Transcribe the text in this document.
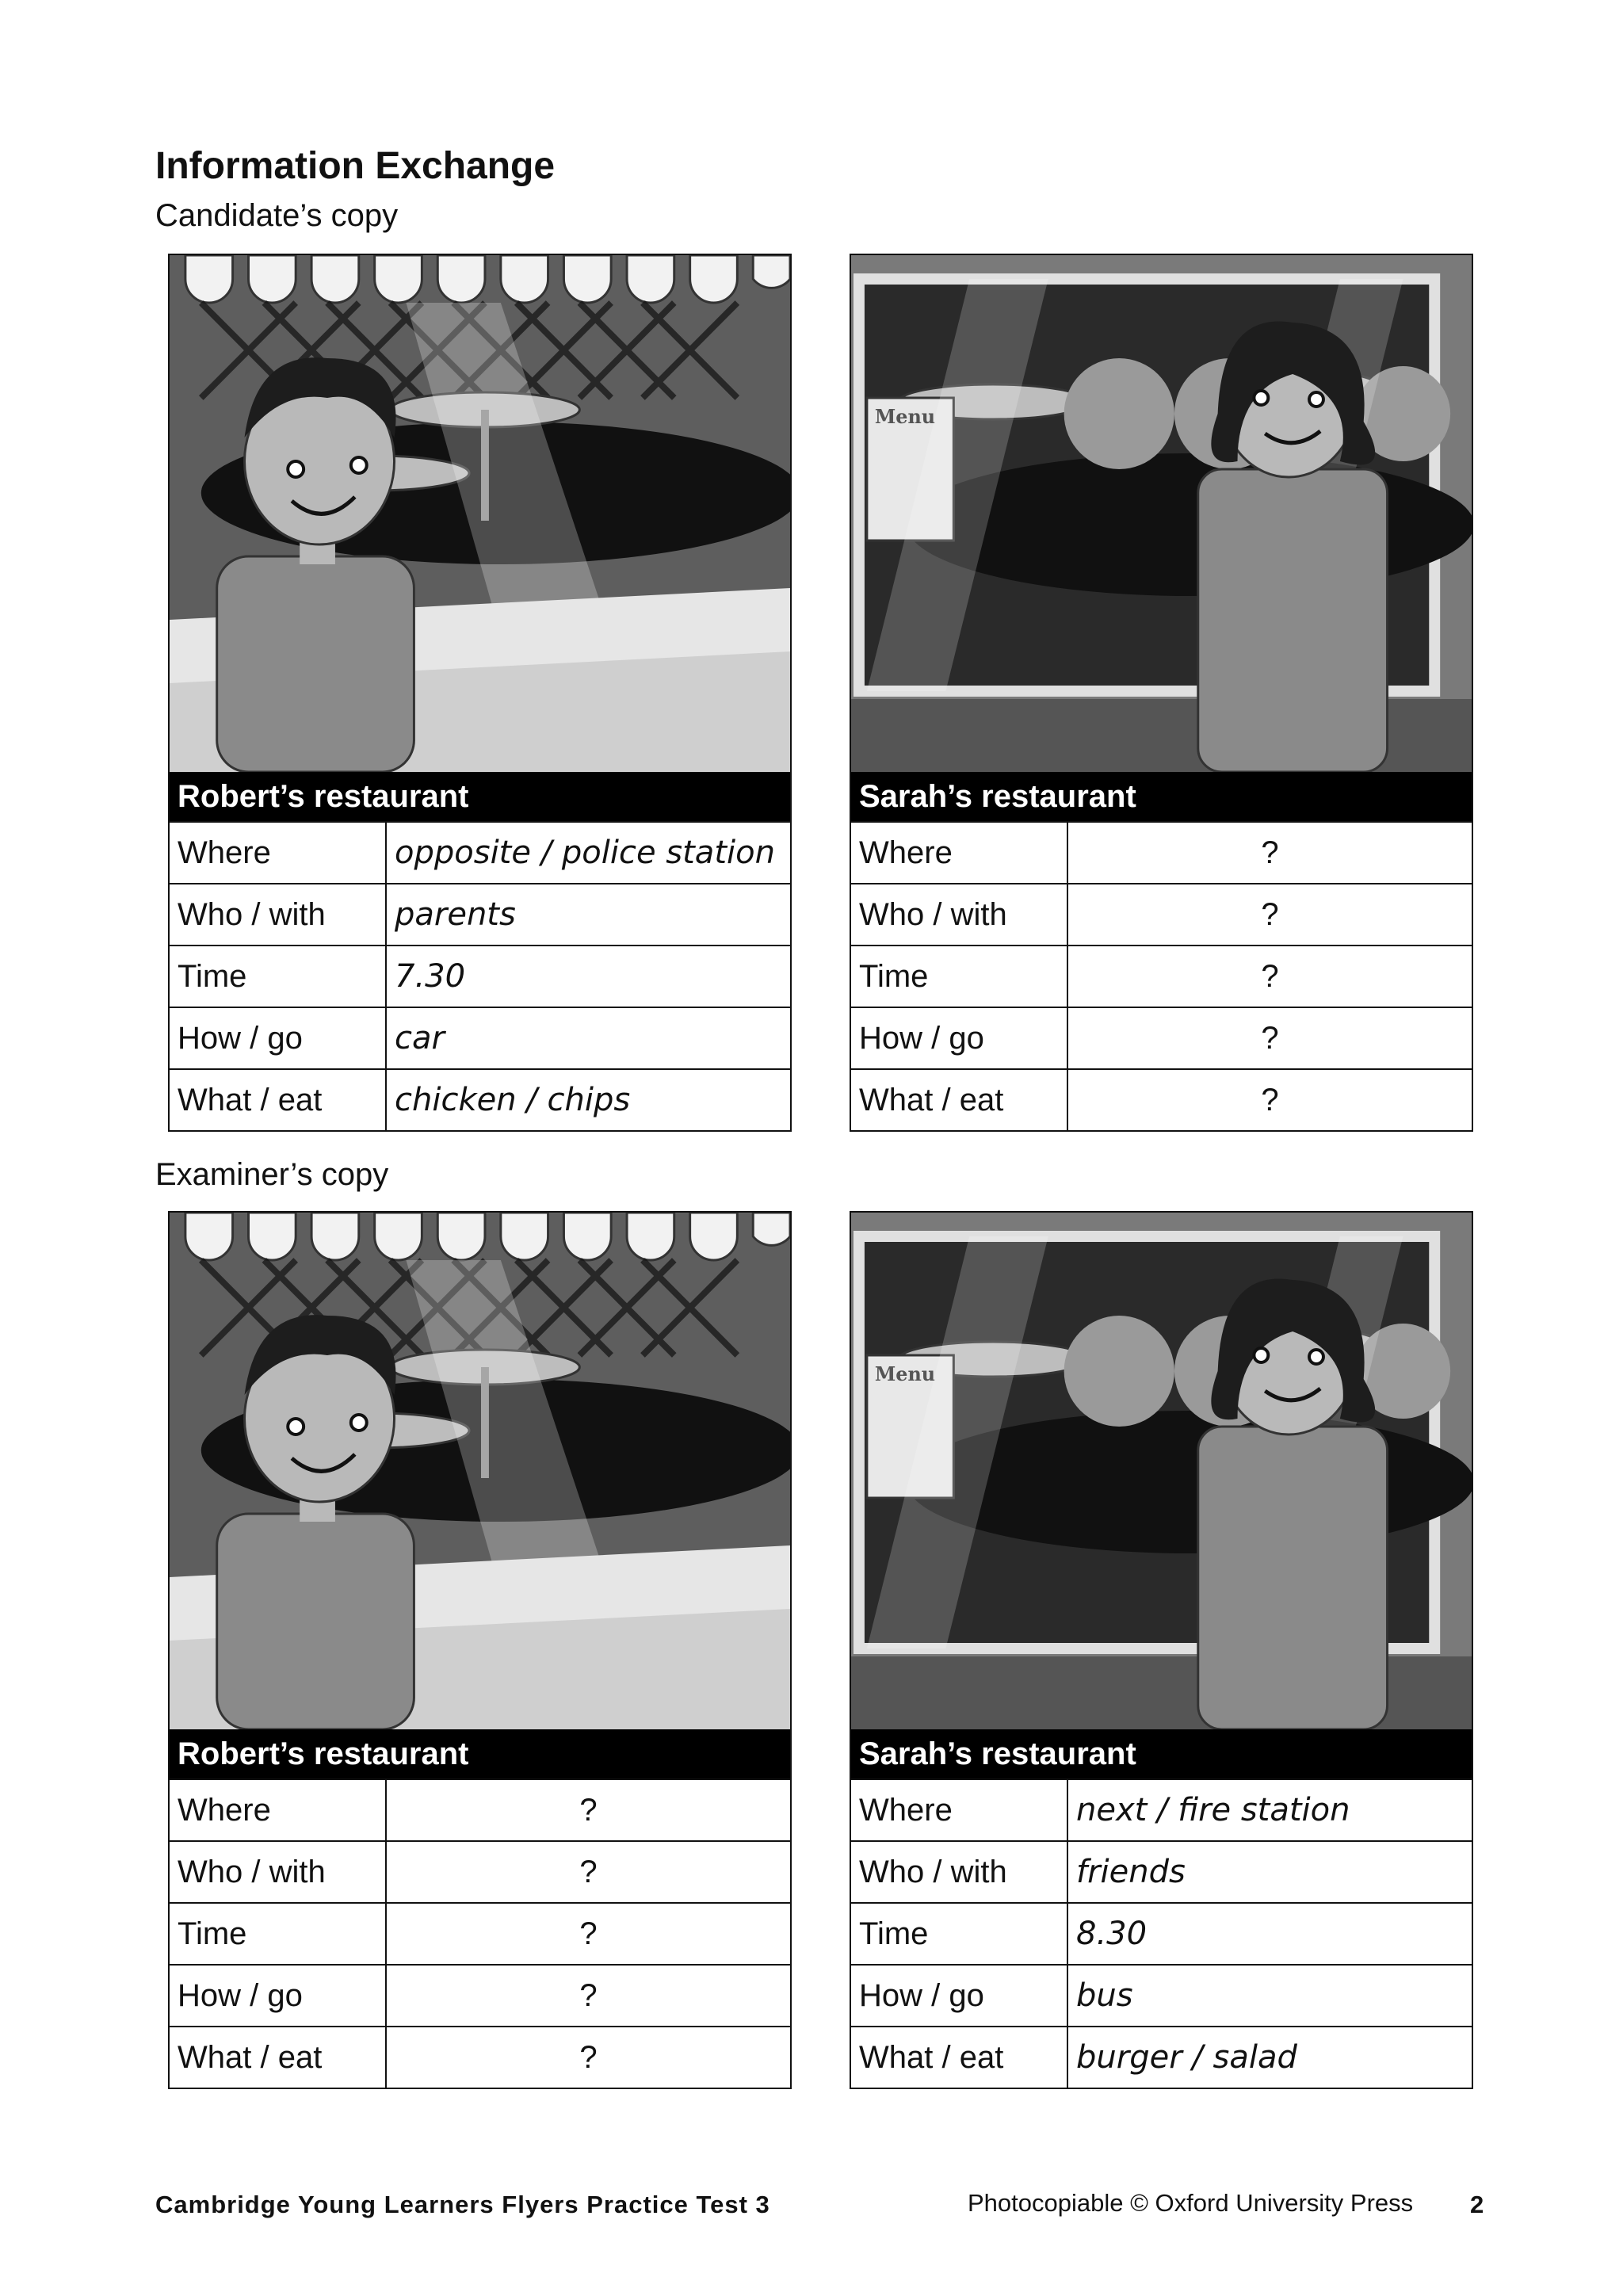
Information Exchange
Candidate’s copy
Robert’s restaurant
Where	opposite / police station
Who / with	parents
Time	7.30
How / go	car
What / eat	chicken / chips
Menu
Sarah’s restaurant
Where	?
Who / with	?
Time	?
How / go	?
What / eat	?
Examiner’s copy
Robert’s restaurant
Where	?
Who / with	?
Time	?
How / go	?
What / eat	?
Menu
Sarah’s restaurant
Where	next / fire station
Who / with	friends
Time	8.30
How / go	bus
What / eat	burger / salad
Cambridge Young Learners Flyers Practice Test 3	Photocopiable © Oxford University Press 2
